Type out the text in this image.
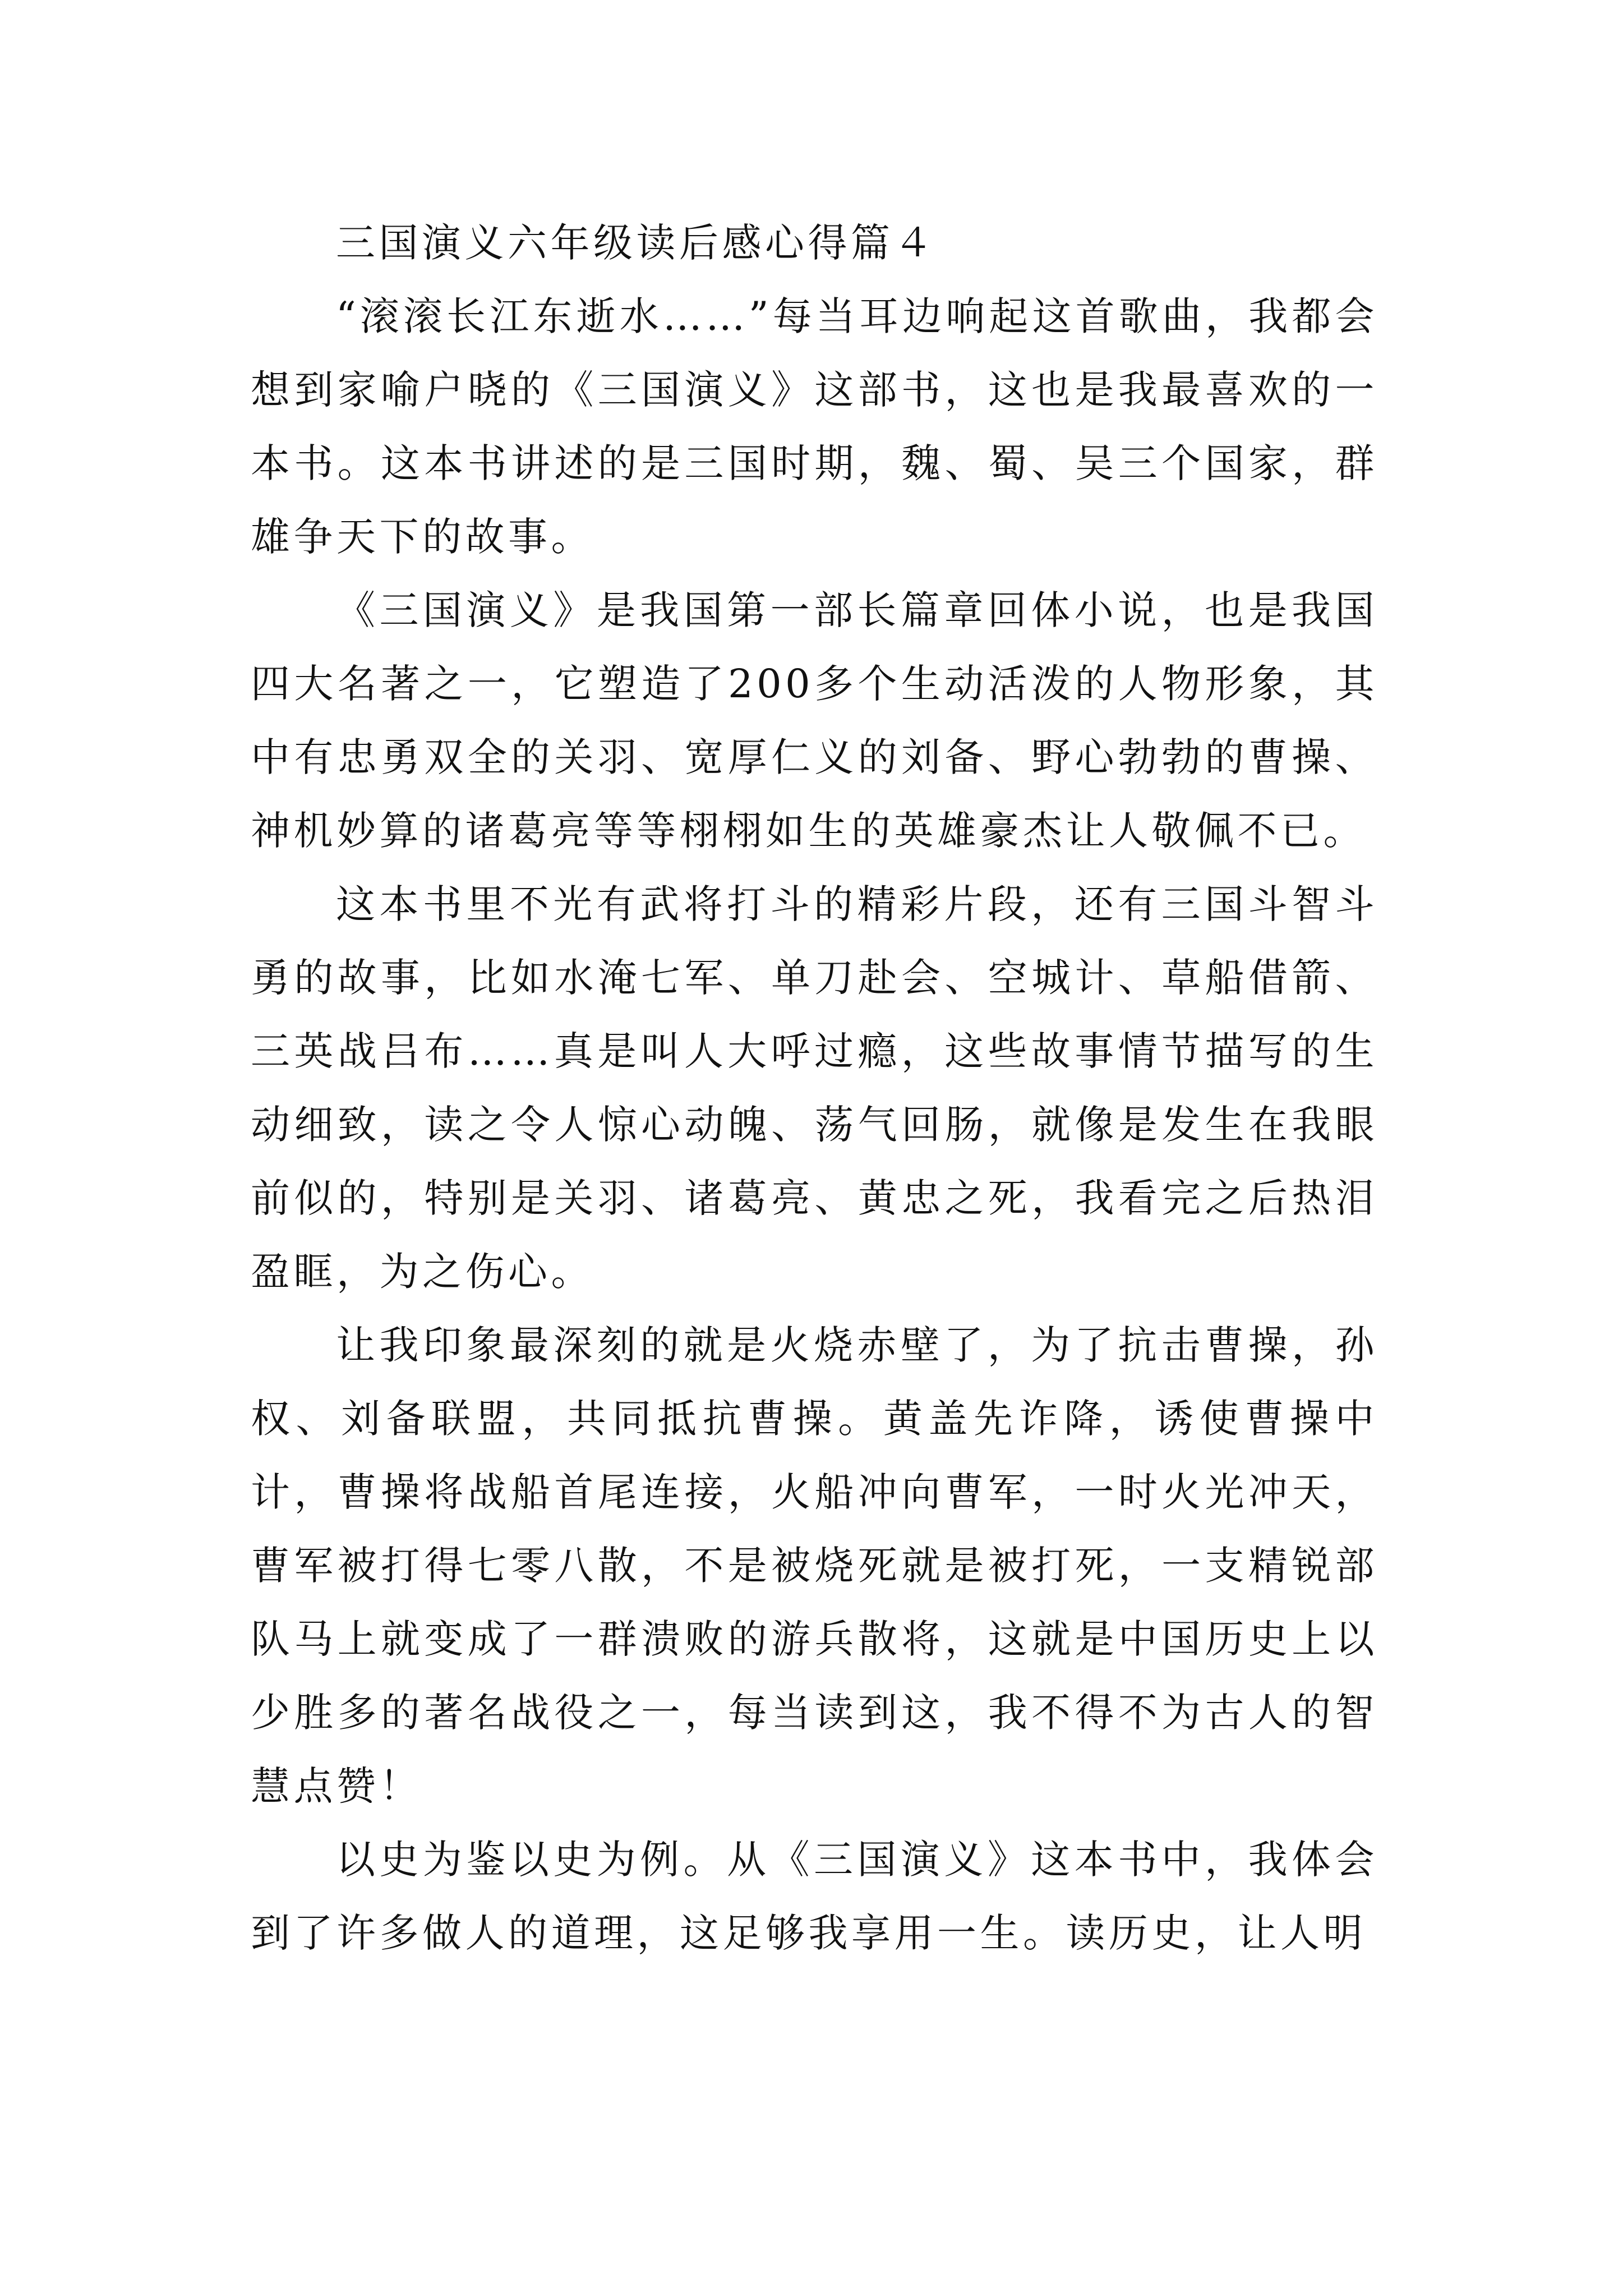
三国演义六年级读后感心得篇４

“滚滚长江东逝水……”每当耳边响起这首歌曲，我都会想到家喻户晓的《三国演义》这部书，这也是我最喜欢的一本书。这本书讲述的是三国时期，魏、蜀、吴三个国家，群雄争天下的故事。

《三国演义》是我国第一部长篇章回体小说，也是我国四大名著之一，它塑造了200多个生动活泼的人物形象，其中有忠勇双全的关羽、宽厚仁义的刘备、野心勃勃的曹操、神机妙算的诸葛亮等等栩栩如生的英雄豪杰让人敬佩不已。

这本书里不光有武将打斗的精彩片段，还有三国斗智斗勇的故事，比如水淹七军、单刀赴会、空城计、草船借箭、三英战吕布……真是叫人大呼过瘾，这些故事情节描写的生动细致，读之令人惊心动魄、荡气回肠，就像是发生在我眼前似的，特别是关羽、诸葛亮、黄忠之死，我看完之后热泪盈眶，为之伤心。

让我印象最深刻的就是火烧赤壁了，为了抗击曹操，孙权、刘备联盟，共同抵抗曹操。黄盖先诈降，诱使曹操中计，曹操将战船首尾连接，火船冲向曹军，一时火光冲天，曹军被打得七零八散，不是被烧死就是被打死，一支精锐部队马上就变成了一群溃败的游兵散将，这就是中国历史上以少胜多的著名战役之一，每当读到这，我不得不为古人的智慧点赞！

以史为鉴以史为例。从《三国演义》这本书中，我体会到了许多做人的道理，这足够我享用一生。读历史，让人明
